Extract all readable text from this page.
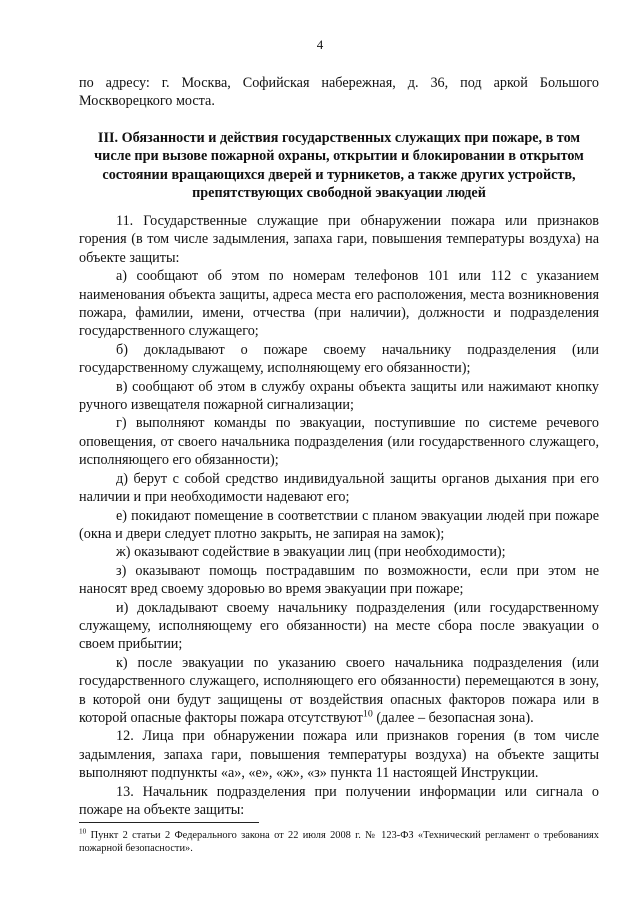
4
по адресу: г. Москва, Софийская набережная, д. 36, под аркой Большого Москворецкого моста.
III. Обязанности и действия государственных служащих при пожаре, в том числе при вызове пожарной охраны, открытии и блокировании в открытом состоянии вращающихся дверей и турникетов, а также других устройств, препятствующих свободной эвакуации людей

11. Государственные служащие при обнаружении пожара или признаков горения (в том числе задымления, запаха гари, повышения температуры воздуха) на объекте защиты:

а) сообщают об этом по номерам телефонов 101 или 112 с указанием наименования объекта защиты, адреса места его расположения, места возникновения пожара, фамилии, имени, отчества (при наличии), должности и подразделения государственного служащего;

б) докладывают о пожаре своему начальнику подразделения (или государственному служащему, исполняющему его обязанности);

в) сообщают об этом в службу охраны объекта защиты или нажимают кнопку ручного извещателя пожарной сигнализации;

г) выполняют команды по эвакуации, поступившие по системе речевого оповещения, от своего начальника подразделения (или государственного служащего, исполняющего его обязанности);

д) берут с собой средство индивидуальной защиты органов дыхания при его наличии и при необходимости надевают его;

е) покидают помещение в соответствии с планом эвакуации людей при пожаре (окна и двери следует плотно закрыть, не запирая на замок);

ж) оказывают содействие в эвакуации лиц (при необходимости);

з) оказывают помощь пострадавшим по возможности, если при этом не наносят вред своему здоровью во время эвакуации при пожаре;

и) докладывают своему начальнику подразделения (или государственному служащему, исполняющему его обязанности) на месте сбора после эвакуации о своем прибытии;

к) после эвакуации по указанию своего начальника подразделения (или государственного служащего, исполняющего его обязанности) перемещаются в зону, в которой они будут защищены от воздействия опасных факторов пожара или в которой опасные факторы пожара отсутствуют$^{10}$ (далее – безопасная зона).

12. Лица при обнаружении пожара или признаков горения (в том числе задымления, запаха гари, повышения температуры воздуха) на объекте защиты выполняют подпункты «а», «е», «ж», «з» пункта 11 настоящей Инструкции.

13. Начальник подразделения при получении информации или сигнала о пожаре на объекте защиты:

$^{10}$ Пункт 2 статьи 2 Федерального закона от 22 июля 2008 г. № 123-ФЗ «Технический регламент о требованиях пожарной безопасности».
